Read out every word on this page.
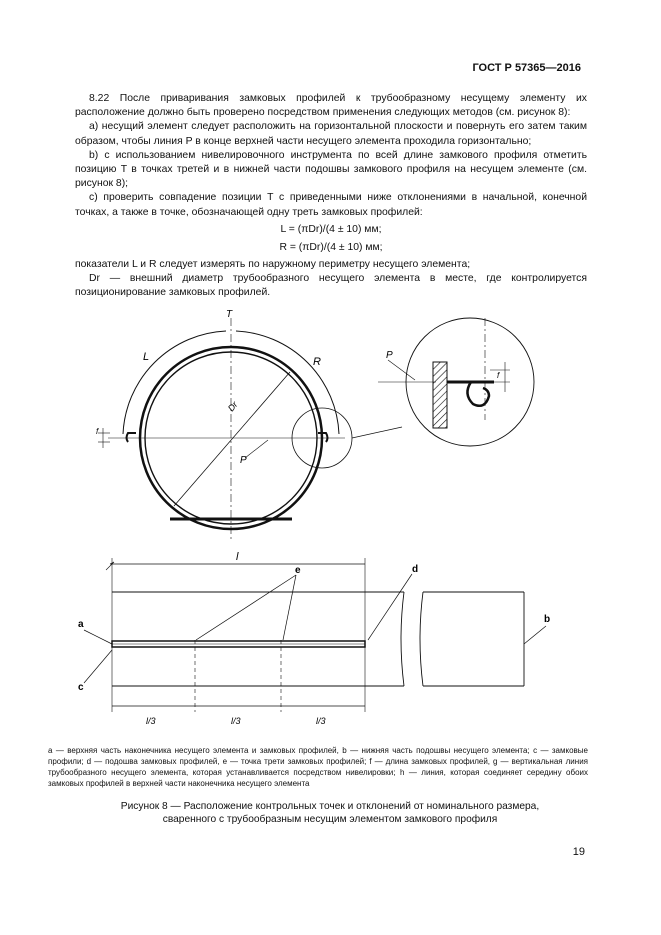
ГОСТ Р 57365—2016

8.22 После приваривания замковых профилей к трубообразному несущему элементу их расположение должно быть проверено посредством применения следующих методов (см. рисунок 8):

a) несущий элемент следует расположить на горизонтальной плоскости и повернуть его затем таким образом, чтобы линия P в конце верхней части несущего элемента проходила горизонтально;

b) с использованием нивелировочного инструмента по всей длине замкового профиля отметить позицию T в точках третей и в нижней части подошвы замкового профиля на несущем элементе (см. рисунок 8);

c) проверить совпадение позиции T с приведенными ниже отклонениями в начальной, конечной точках, а также в точке, обозначающей одну треть замковых профилей:

L = (πDr)/(4 ± 10) мм;
R = (πDr)/(4 ± 10) мм;

показатели L и R следует измерять по наружному периметру несущего элемента;

Dr — внешний диаметр трубообразного несущего элемента в месте, где контролируется позиционирование замковых профилей.

T
L	R
Dr
P
P
f
f
l
a	b
c
d
e
l/3	l/3	l/3
a — верхняя часть наконечника несущего элемента и замковых профилей, b — нижняя часть подошвы несущего элемента; c — замковые профили; d — подошва замковых профилей, e — точка трети замковых профилей; f — длина замковых профилей, g — вертикальная линия трубообразного несущего элемента, которая устанавливается посредством нивелировки; h — линия, которая соединяет середину обоих замковых профилей в верхней части наконечника несущего элемента
Рисунок 8 — Расположение контрольных точек и отклонений от номинального размера,
сваренного с трубообразным несущим элементом замкового профиля
19
